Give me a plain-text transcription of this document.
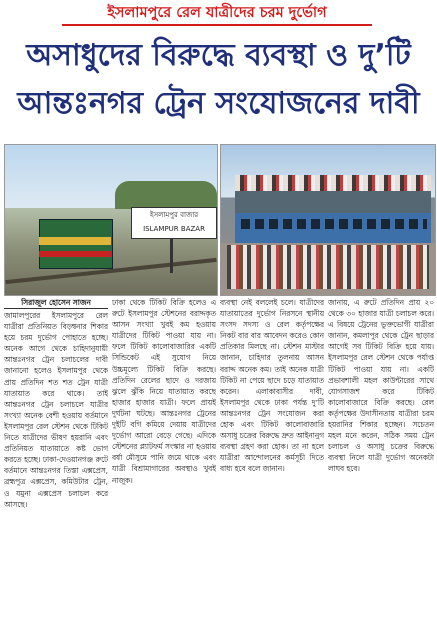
ইসলামপুরে রেল যাত্রীদের চরম দুর্ভোগ
অসাধুদের বিরুদ্ধে ব্যবস্থা ও দু’টি
আন্তঃনগর ট্রেন সংযোজনের দাবী
ইসলামপুর বাজার
ISLAMPUR BAZAR
সিরাজুল হোসেন সাজন

জামালপুরের ইসলামপুরে রেল যাত্রীরা প্রতিনিয়ত বিড়ম্বনার শিকার হয়ে চরম দুর্ভোগ পোহাতে হচ্ছে। অনেক আগে থেকে চাহিদানুযায়ী আন্তঃনগর ট্রেন চলাচলের দাবী জানানো হলেও ইসলামপুর থেকে প্রায় প্রতিদিন শত শত ট্রেন যাত্রী যাতায়াত করে থাকে। তাই আন্তঃনগর ট্রেন চলাচলে যাত্রীর সংখ্যা অনেক বেশী হওয়ায় বর্তমানে ইসলামপুর রেল স্টেশন থেকে টিকিট নিতে যাত্রীদের ভীষণ হয়রানি এবং প্রতিনিয়ত যাতায়াতে কষ্ট ভোগ করতে হচ্ছে। ঢাকা-দেওয়ানগঞ্জ রুটে বর্তমানে আন্তঃনগর তিস্তা এক্সপ্রেস, ব্রহ্মপুত্র এক্সপ্রেস, কমিউটার ট্রেন, ও যমুনা এক্সপ্রেস চলাচল করে আসছে।

ঢাকা থেকে টিকিট বিক্রি হলেও এ রুটে ইসলামপুর স্টেশনের বরাদ্দকৃত আসন সংখ্যা খুবই কম হওয়ায় যাত্রীদের টিকিট পাওয়া যায় না। ফলে টিকিট কালোবাজারির একটি সিন্ডিকেট এই সুযোগ নিয়ে উচ্চমূল্যে টিকিট বিক্রি করছে। প্রতিদিন রেলের ছাদে ও দরজায় ঝুলে ঝুঁকি নিয়ে যাতায়াত করছে হাজার হাজার যাত্রী। ফলে প্রায়ই দুর্ঘটনা ঘটছে। আন্তঃনগর ট্রেনের দুইটি বগি কমিয়ে দেয়ায় যাত্রীদের দুর্ভোগ আরো বেড়ে গেছে। এদিকে স্টেশনের প্ল্যাটফর্ম সংস্কার না হওয়ায় বর্ষা মৌসুমে পানি জমে থাকে এবং যাত্রী বিশ্রামাগারের অবস্থাও খুবই নাজুক।

ব্যবস্থা নেই বললেই চলে। যাত্রীদের যাতায়াতের দুর্ভোগ নিরসনে স্থানীয় সংসদ সদস্য ও রেল কর্তৃপক্ষের নিকট বার বার আবেদন করেও কোন প্রতিকার মিলছে না। স্টেশন মাস্টার জানান, চাহিদার তুলনায় আসন বরাদ্দ অনেক কম। তাই অনেক যাত্রী টিকিট না পেয়ে ছাদে চড়ে যাতায়াত করেন। এলাকাবাসীর দাবী, ইসলামপুর থেকে ঢাকা পর্যন্ত দু’টি আন্তঃনগর ট্রেন সংযোজন করা হোক এবং টিকিট কালোবাজারি অসাধু চক্রের বিরুদ্ধে দ্রুত আইনানুগ ব্যবস্থা গ্রহণ করা হোক। তা না হলে যাত্রীরা আন্দোলনের কর্মসূচী দিতে বাধ্য হবে বলে জানান।

জানায়, এ রুটে প্রতিদিন প্রায় ২০ থেকে ৩০ হাজার যাত্রী চলাচল করে। এ বিষয়ে ট্রেনের ভুক্তভোগী যাত্রীরা জানান, কমলাপুর থেকে ট্রেন ছাড়ার আগেই সব টিকিট বিক্রি হয়ে যায়। ইসলামপুর রেল স্টেশন থেকে পর্যাপ্ত টিকিট পাওয়া যায় না। একটি প্রভাবশালী মহল কাউন্টারের সাথে যোগসাজশ করে টিকিট কালোবাজারে বিক্রি করছে। রেল কর্তৃপক্ষের উদাসীনতায় যাত্রীরা চরম হয়রানির শিকার হচ্ছেন। সচেতন মহল মনে করেন, সঠিক সময় ট্রেন চলাচল ও অসাধু চক্রের বিরুদ্ধে ব্যবস্থা নিলে যাত্রী দুর্ভোগ অনেকটা লাঘব হবে।
